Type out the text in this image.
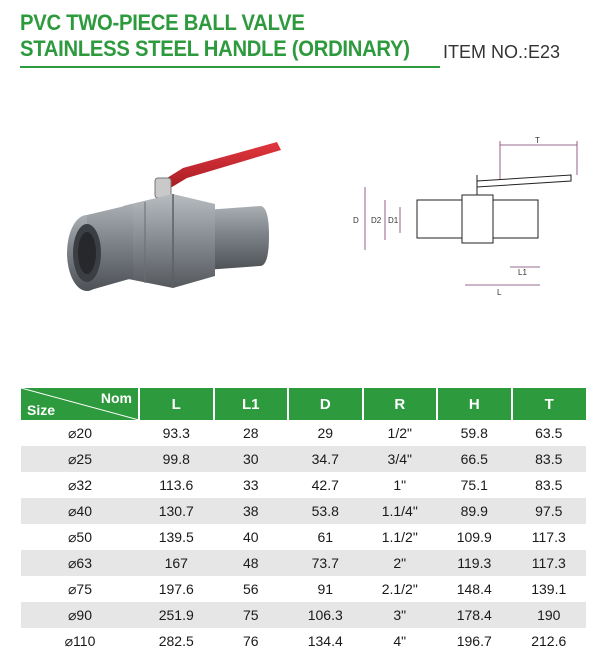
PVC TWO-PIECE BALL VALVE
STAINLESS STEEL HANDLE (ORDINARY)	ITEM NO.:E23
T
D D2 D1
L1
L
Nom
Size	L	L1	D	R	H	T
⌀20	93.3	28	29	1/2"	59.8	63.5
⌀25	99.8	30	34.7	3/4"	66.5	83.5
⌀32	113.6	33	42.7	1"	75.1	83.5
⌀40	130.7	38	53.8	1.1/4"	89.9	97.5
⌀50	139.5	40	61	1.1/2"	109.9	117.3
⌀63	167	48	73.7	2"	119.3	117.3
⌀75	197.6	56	91	2.1/2"	148.4	139.1
⌀90	251.9	75	106.3	3"	178.4	190
⌀110	282.5	76	134.4	4"	196.7	212.6
